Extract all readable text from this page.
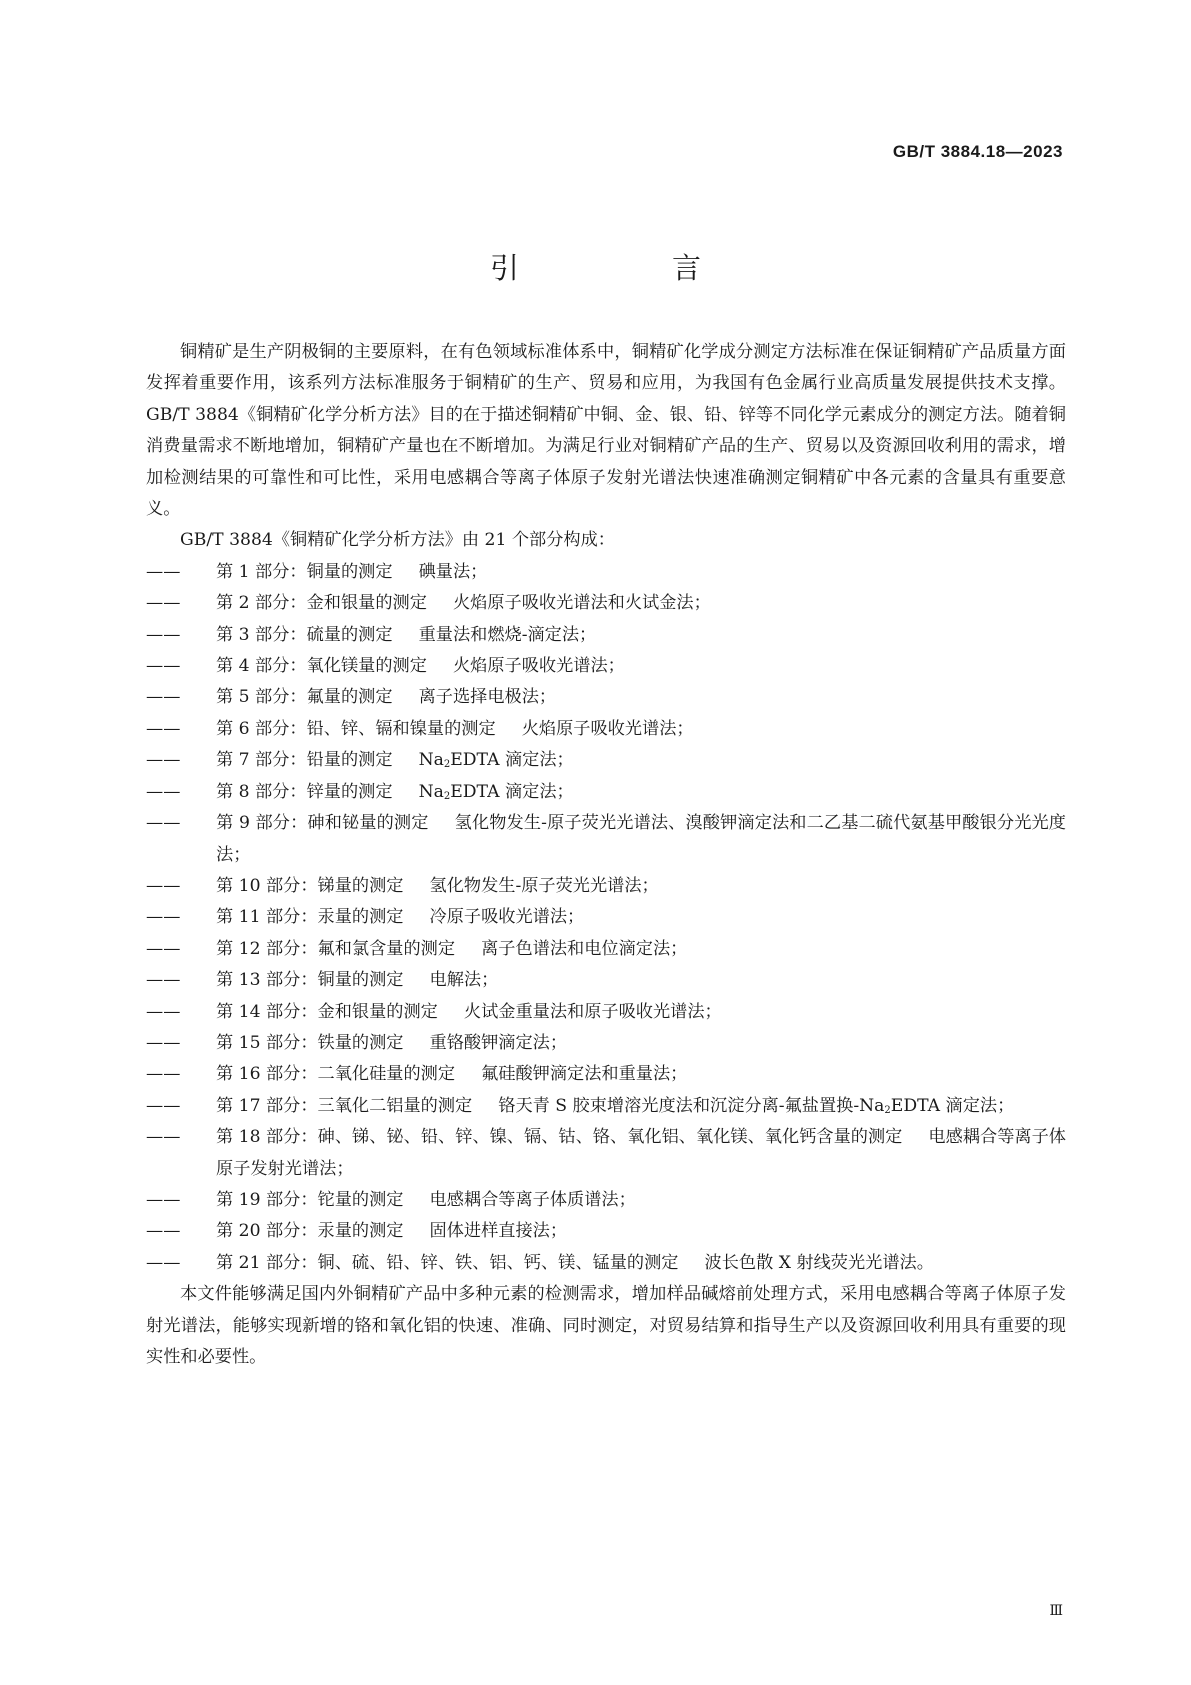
GB/T 3884.18—2023
引　言

铜精矿是生产阴极铜的主要原料，在有色领域标准体系中，铜精矿化学成分测定方法标准在保证铜精矿产品质量方面发挥着重要作用，该系列方法标准服务于铜精矿的生产、贸易和应用，为我国有色金属行业高质量发展提供技术支撑。GB/T 3884《铜精矿化学分析方法》目的在于描述铜精矿中铜、金、银、铅、锌等不同化学元素成分的测定方法。随着铜消费量需求不断地增加，铜精矿产量也在不断增加。为满足行业对铜精矿产品的生产、贸易以及资源回收利用的需求，增加检测结果的可靠性和可比性，采用电感耦合等离子体原子发射光谱法快速准确测定铜精矿中各元素的含量具有重要意义。

GB/T 3884《铜精矿化学分析方法》由 21 个部分构成：

—— 第 1 部分：铜量的测定 碘量法；
—— 第 2 部分：金和银量的测定 火焰原子吸收光谱法和火试金法；
—— 第 3 部分：硫量的测定 重量法和燃烧-滴定法；
—— 第 4 部分：氧化镁量的测定 火焰原子吸收光谱法；
—— 第 5 部分：氟量的测定 离子选择电极法；
—— 第 6 部分：铅、锌、镉和镍量的测定 火焰原子吸收光谱法；
—— 第 7 部分：铅量的测定 $Na_2EDTA$ 滴定法；
—— 第 8 部分：锌量的测定 $Na_2EDTA$ 滴定法；
—— 第 9 部分：砷和铋量的测定 氢化物发生-原子荧光光谱法、溴酸钾滴定法和二乙基二硫代氨基甲酸银分光光度法；
—— 第 10 部分：锑量的测定 氢化物发生-原子荧光光谱法；
—— 第 11 部分：汞量的测定 冷原子吸收光谱法；
—— 第 12 部分：氟和氯含量的测定 离子色谱法和电位滴定法；
—— 第 13 部分：铜量的测定 电解法；
—— 第 14 部分：金和银量的测定 火试金重量法和原子吸收光谱法；
—— 第 15 部分：铁量的测定 重铬酸钾滴定法；
—— 第 16 部分：二氧化硅量的测定 氟硅酸钾滴定法和重量法；
—— 第 17 部分：三氧化二铝量的测定 铬天青 S 胶束增溶光度法和沉淀分离-氟盐置换$-Na_2EDTA$ 滴定法；
—— 第 18 部分：砷、锑、铋、铅、锌、镍、镉、钴、铬、氧化铝、氧化镁、氧化钙含量的测定 电感耦合等离子体原子发射光谱法；
—— 第 19 部分：铊量的测定 电感耦合等离子体质谱法；
—— 第 20 部分：汞量的测定 固体进样直接法；
—— 第 21 部分：铜、硫、铅、锌、铁、铝、钙、镁、锰量的测定 波长色散 X 射线荧光光谱法。

本文件能够满足国内外铜精矿产品中多种元素的检测需求，增加样品碱熔前处理方式，采用电感耦合等离子体原子发射光谱法，能够实现新增的铬和氧化铝的快速、准确、同时测定，对贸易结算和指导生产以及资源回收利用具有重要的现实性和必要性。

Ⅲ
